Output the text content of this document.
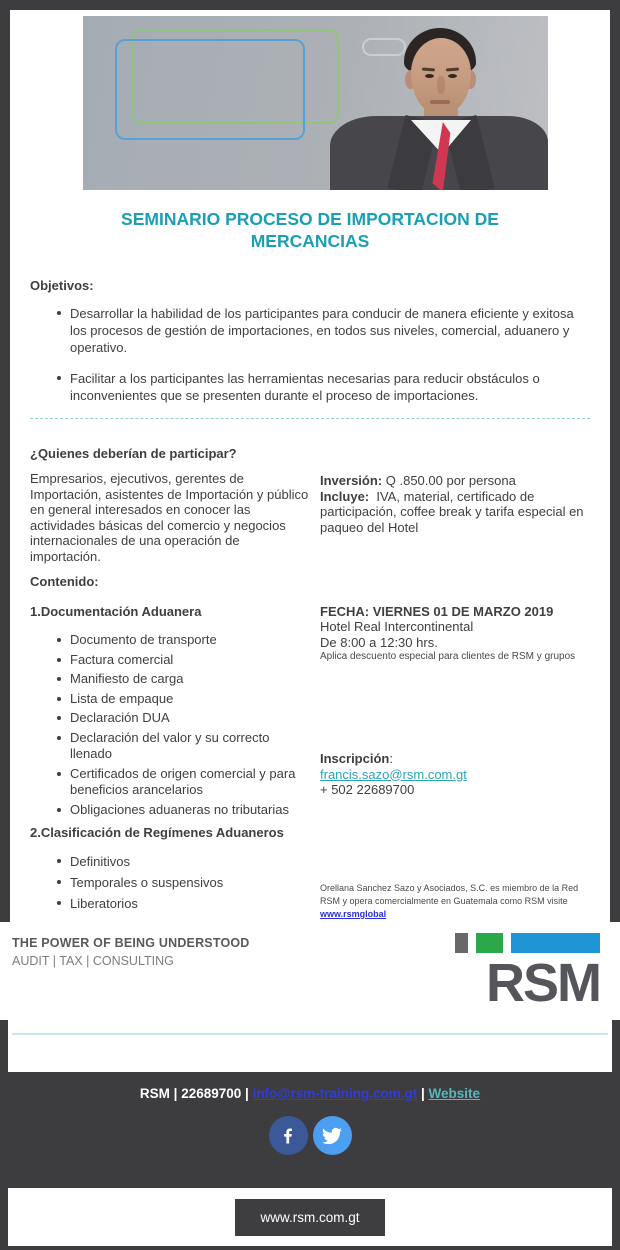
SEMINARIO PROCESO DE IMPORTACION DE MERCANCIAS

Objetivos:

Desarrollar la habilidad de los participantes para conducir de manera eficiente y exitosa los procesos de gestión de importaciones, en todos sus niveles, comercial, aduanero y operativo.
Facilitar a los participantes las herramientas necesarias para reducir obstáculos o inconvenientes que se presenten durante el proceso de importaciones.

¿Quienes deberían de participar?

Empresarios, ejecutivos, gerentes de Importación, asistentes de Importación y público en general interesados en conocer las actividades básicas del comercio y negocios internacionales de una operación de importación.

Inversión: Q .850.00 por persona

Incluye: IVA, material, certificado de participación, coffee break y tarifa especial en paqueo del Hotel

Contenido:

1.Documentación Aduanera

Documento de transporte
Factura comercial
Manifiesto de carga
Lista de empaque
Declaración DUA
Declaración del valor y su correcto llenado
Certificados de origen comercial y para beneficios arancelarios
Obligaciones aduaneras no tributarias

FECHA: VIERNES 01 DE MARZO 2019

Hotel Real Intercontinental

De 8:00 a 12:30 hrs.

Aplica descuento especial para clientes de RSM y grupos

Inscripción:

francis.sazo@rsm.com.gt

+ 502 22689700

2.Clasificación de Regímenes Aduaneros

Definitivos
Temporales o suspensivos
Liberatorios

Orellana Sanchez Sazo y Asociados, S.C. es miembro de la Red RSM y opera comercialmente en Guatemala como RSM visite www.rsmglobal

THE POWER OF BEING UNDERSTOOD
AUDIT | TAX | CONSULTING	RSM
RSM | 22689700 | info@rsm-training.com.gt | Website
www.rsm.com.gt
